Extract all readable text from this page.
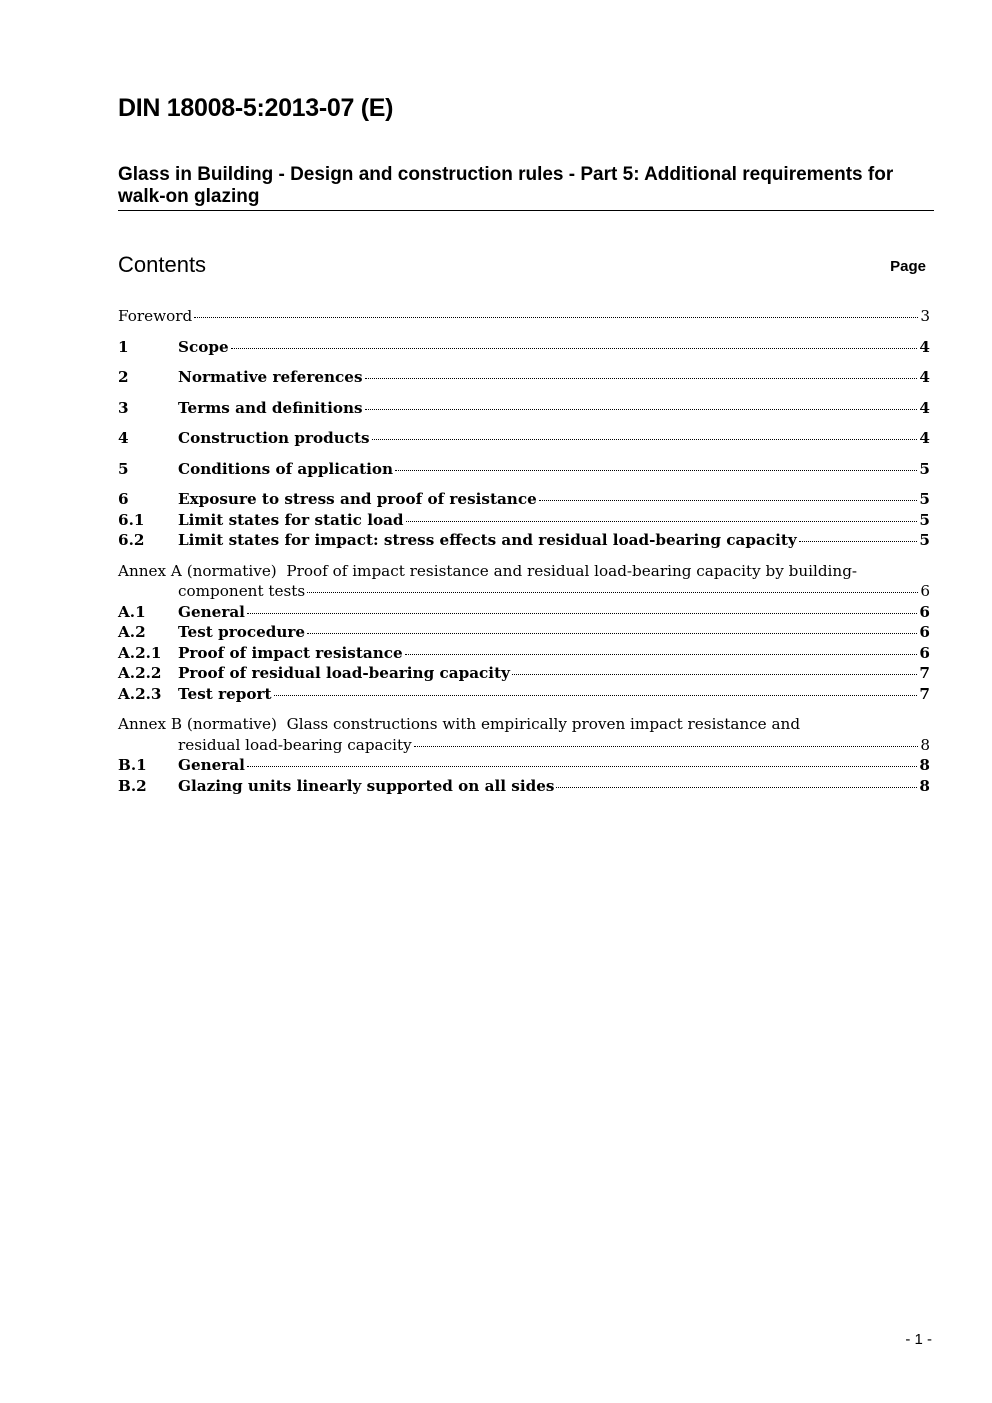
DIN 18008-5:2013-07 (E)
Glass in Building - Design and construction rules - Part 5: Additional requirements for walk-on glazing
Contents	Page
Foreword	3
1	Scope	4
2	Normative references	4
3	Terms and definitions	4
4	Construction products	4
5	Conditions of application	5
6	Exposure to stress and proof of resistance	5
6.1	Limit states for static load	5
6.2	Limit states for impact: stress effects and residual load-bearing capacity	5
Annex A (normative) Proof of impact resistance and residual load-bearing capacity by building-
component tests	6
A.1	General	6
A.2	Test procedure	6
A.2.1	Proof of impact resistance	6
A.2.2	Proof of residual load-bearing capacity	7
A.2.3	Test report	7
Annex B (normative) Glass constructions with empirically proven impact resistance and
residual load-bearing capacity	8
B.1	General	8
B.2	Glazing units linearly supported on all sides	8
- 1 -
